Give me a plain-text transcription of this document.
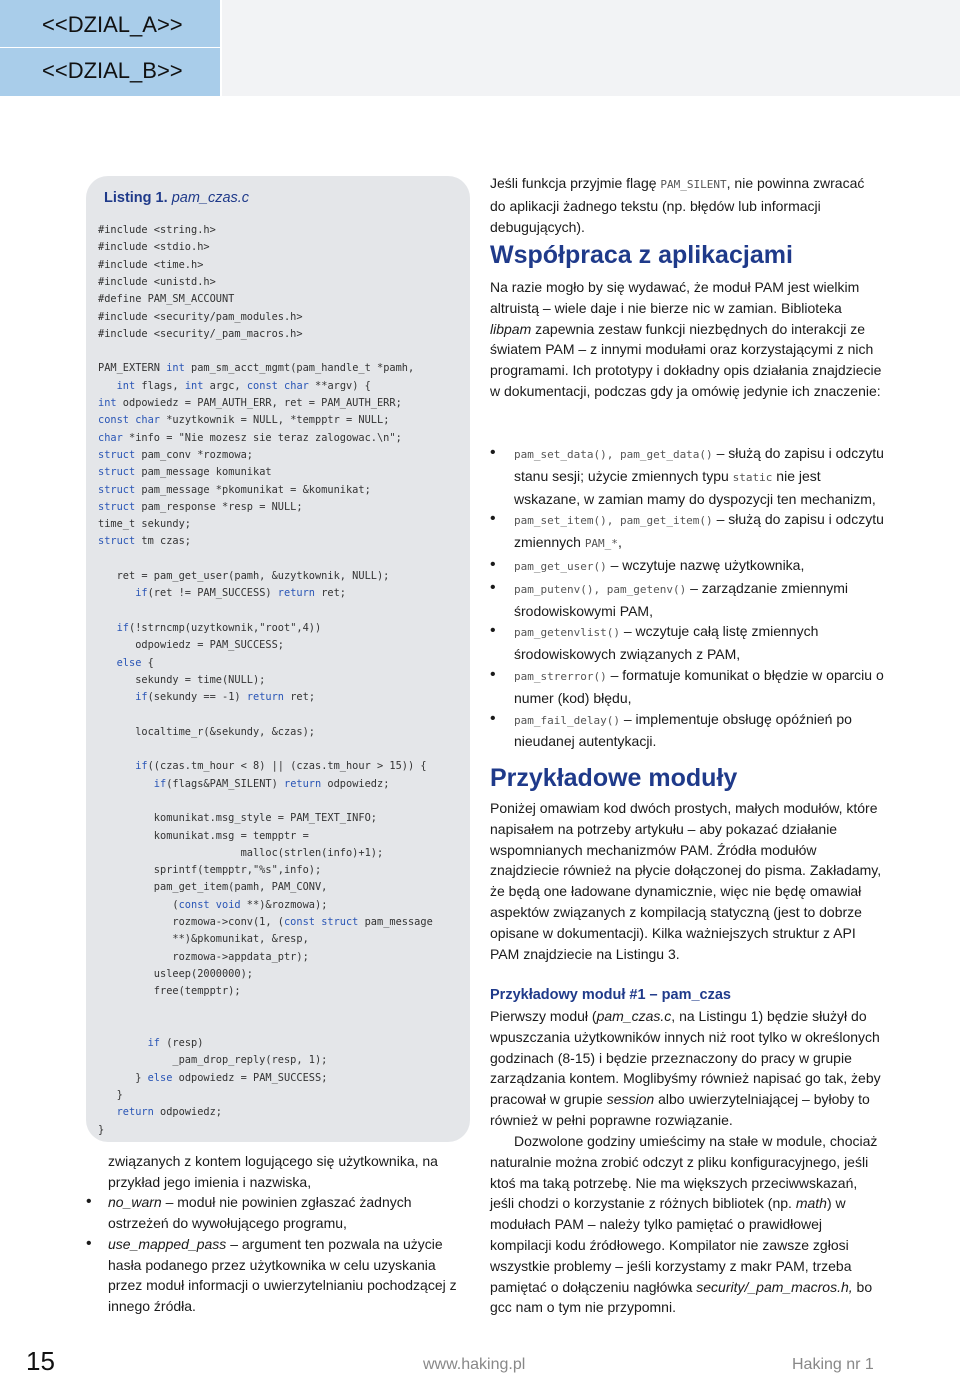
<<DZIAL_A>>
<<DZIAL_B>>
Listing 1. pam_czas.c
#include <string.h>
#include <stdio.h>
#include <time.h>
#include <unistd.h>
#define PAM_SM_ACCOUNT
#include <security/pam_modules.h>
#include <security/_pam_macros.h>
PAM_EXTERN int pam_sm_acct_mgmt(pam_handle_t *pamh,
int flags, int argc, const char **argv) {
int odpowiedz = PAM_AUTH_ERR, ret = PAM_AUTH_ERR;
const char *uzytkownik = NULL, *tempptr = NULL;
char *info = "Nie mozesz sie teraz zalogowac.\n";
struct pam_conv *rozmowa;
struct pam_message komunikat
struct pam_message *pkomunikat = &komunikat;
struct pam_response *resp = NULL;
time_t sekundy;
struct tm czas;
ret = pam_get_user(pamh, &uzytkownik, NULL);
if(ret != PAM_SUCCESS) return ret;
if(!strncmp(uzytkownik,"root",4))
odpowiedz = PAM_SUCCESS;
else {
sekundy = time(NULL);
if(sekundy == -1) return ret;
localtime_r(&sekundy, &czas);
if((czas.tm_hour < 8) || (czas.tm_hour > 15)) {
if(flags&PAM_SILENT) return odpowiedz;
komunikat.msg_style = PAM_TEXT_INFO;
komunikat.msg = tempptr =
malloc(strlen(info)+1);
sprintf(tempptr,"%s",info);
pam_get_item(pamh, PAM_CONV,
(const void **)&rozmowa);
rozmowa->conv(1, (const struct pam_message
**)&pkomunikat, &resp,
rozmowa->appdata_ptr);
usleep(2000000);
free(tempptr);
if (resp)
_pam_drop_reply(resp, 1);
} else odpowiedz = PAM_SUCCESS;
}
return odpowiedz;
}

związanych z kontem logującego się użytkownika, na przykład jego imienia i nazwiska,

• no_warn – moduł nie powinien zgłaszać żadnych ostrzeżeń do wywołującego programu,

• use_mapped_pass – argument ten pozwala na użycie hasła podanego przez użytkownika w celu uzyskania przez moduł informacji o uwierzytelnianiu pochodzącej z innego źródła.

Jeśli funkcja przyjmie flagę PAM_SILENT, nie powinna zwracać do aplikacji żadnego tekstu (np. błędów lub informacji debugujących).

Współpraca z aplikacjami

Na razie mogło by się wydawać, że moduł PAM jest wielkim altruistą – wiele daje i nie bierze nic w zamian. Biblioteka libpam zapewnia zestaw funkcji niezbędnych do interakcji ze światem PAM – z innymi modułami oraz korzystającymi z nich programami. Ich prototypy i dokładny opis działania znajdziecie w dokumentacji, podczas gdy ja omówię jedynie ich znaczenie:

• pam_set_data(), pam_get_data() – służą do zapisu i odczytu stanu sesji; użycie zmiennych typu static nie jest wskazane, w zamian mamy do dyspozycji ten mechanizm,

• pam_set_item(), pam_get_item() – służą do zapisu i odczytu zmiennych PAM_*,

• pam_get_user() – wczytuje nazwę użytkownika,

• pam_putenv(), pam_getenv() – zarządzanie zmiennymi środowiskowymi PAM,

• pam_getenvlist() – wczytuje całą listę zmiennych środowiskowych związanych z PAM,

• pam_strerror() – formatuje komunikat o błędzie w oparciu o numer (kod) błędu,

• pam_fail_delay() – implementuje obsługę opóźnień po nieudanej autentykacji.

Przykładowe moduły
Poniżej omawiam kod dwóch prostych, małych modułów, które napisałem na potrzeby artykułu – aby pokazać działanie wspomnianych mechanizmów PAM. Źródła modułów znajdziecie również na płycie dołączonej do pisma. Zakładamy, że będą one ładowane dynamicznie, więc nie będę omawiał aspektów związanych z kompilacją statyczną (jest to dobrze opisane w dokumentacji). Kilka ważniejszych struktur z API PAM znajdziecie na Listingu 3.
Przykładowy moduł #1 – pam_czas

Pierwszy moduł (pam_czas.c, na Listingu 1) będzie służył do wpuszczania użytkowników innych niż root tylko w określonych godzinach (8-15) i będzie przeznaczony do pracy w grupie zarządzania kontem. Moglibyśmy również napisać go tak, żeby pracował w grupie session albo uwierzytelniającej – byłoby to również w pełni poprawne rozwiązanie.

Dozwolone godziny umieścimy na stałe w module, chociaż naturalnie można zrobić odczyt z pliku konfiguracyjnego, jeśli ktoś ma taką potrzebę. Nie ma większych przeciwwskazań, jeśli chodzi o korzystanie z różnych bibliotek (np. math) w modułach PAM – należy tylko pamiętać o prawidłowej kompilacji kodu źródłowego. Kompilator nie zawsze zgłosi wszystkie problemy – jeśli korzystamy z makr PAM, trzeba pamiętać o dołączeniu nagłówka security/_pam_macros.h, bo gcc nam o tym nie przypomni.

15	www.haking.pl	Haking nr 1
